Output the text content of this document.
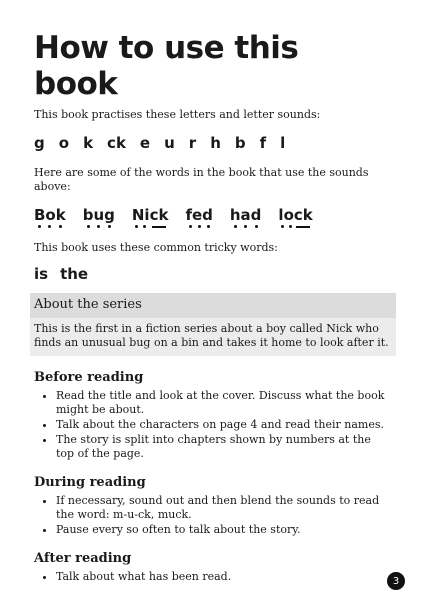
How to use this book

This book practises these letters and letter sounds:

g o k ck e u r h b f l

Here are some of the words in the book that use the sounds above:

Bok bug Nick fed had lock

This book uses these common tricky words:

is the
About the series
This is the first in a fiction series about a boy called Nick who finds an unusual bug on a bin and takes it home to look after it.
Before reading
• Read the title and look at the cover. Discuss what the book might be about.
• Talk about the characters on page 4 and read their names.
• The story is split into chapters shown by numbers at the top of the page.
During reading
• If necessary, sound out and then blend the sounds to read the word: m-u-ck, muck.
• Pause every so often to talk about the story.
After reading
• Talk about what has been read.	3
